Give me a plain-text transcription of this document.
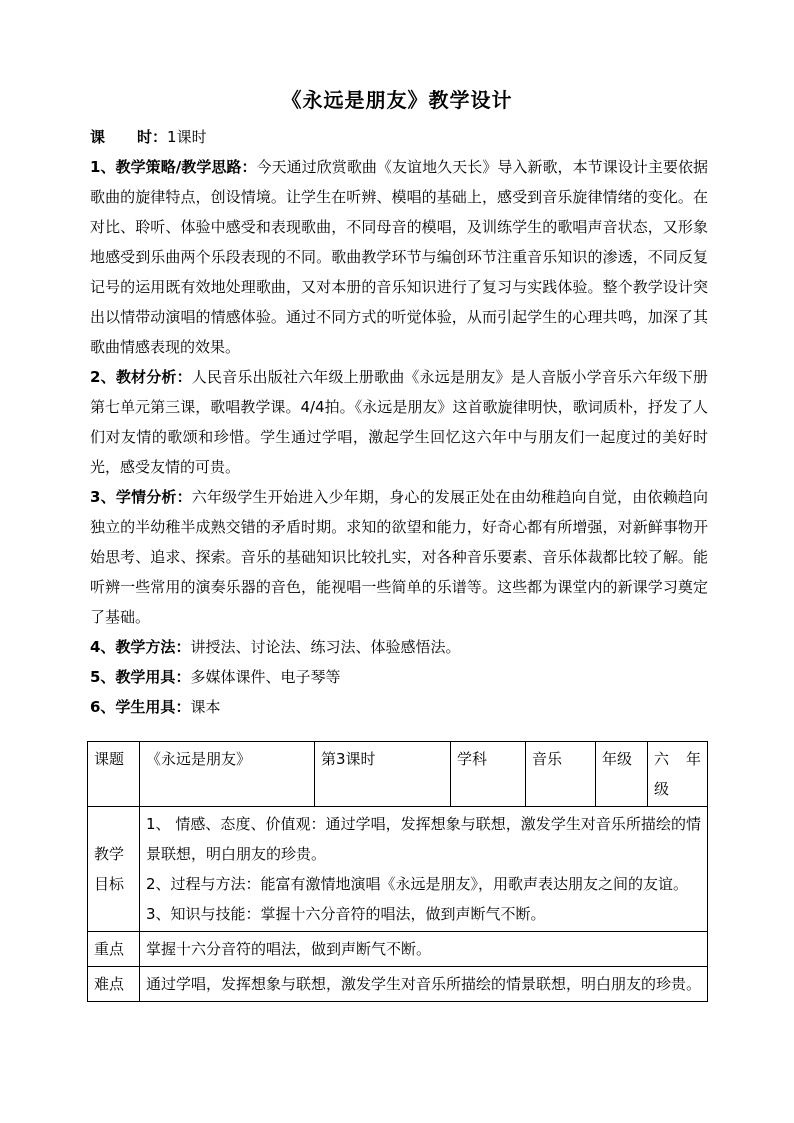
《永远是朋友》教学设计

课 时：1课时

1、教学策略/教学思路：今天通过欣赏歌曲《友谊地久天长》导入新歌，本节课设计主要依据歌曲的旋律特点，创设情境。让学生在听辨、模唱的基础上，感受到音乐旋律情绪的变化。在对比、聆听、体验中感受和表现歌曲，不同母音的模唱，及训练学生的歌唱声音状态，又形象地感受到乐曲两个乐段表现的不同。歌曲教学环节与编创环节注重音乐知识的渗透，不同反复记号的运用既有效地处理歌曲，又对本册的音乐知识进行了复习与实践体验。整个教学设计突出以情带动演唱的情感体验。通过不同方式的听觉体验，从而引起学生的心理共鸣，加深了其歌曲情感表现的效果。

2、教材分析：人民音乐出版社六年级上册歌曲《永远是朋友》是人音版小学音乐六年级下册第七单元第三课，歌唱教学课。4/4拍。《永远是朋友》这首歌旋律明快，歌词质朴，抒发了人们对友情的歌颂和珍惜。学生通过学唱，激起学生回忆这六年中与朋友们一起度过的美好时光，感受友情的可贵。

3、学情分析：六年级学生开始进入少年期，身心的发展正处在由幼稚趋向自觉，由依赖趋向独立的半幼稚半成熟交错的矛盾时期。求知的欲望和能力，好奇心都有所增强，对新鲜事物开始思考、追求、探索。音乐的基础知识比较扎实，对各种音乐要素、音乐体裁都比较了解。能听辨一些常用的演奏乐器的音色，能视唱一些简单的乐谱等。这些都为课堂内的新课学习奠定了基础。

4、教学方法：讲授法、讨论法、练习法、体验感悟法。

5、教学用具：多媒体课件、电子琴等

6、学生用具：课本

课题	《永远是朋友》	第3课时	学科	音乐	年级	六 年级
教学目标	1、 情感、态度、价值观：通过学唱，发挥想象与联想，激发学生对音乐所描绘的情景联想，明白朋友的珍贵。

2、过程与方法：能富有激情地演唱《永远是朋友》，用歌声表达朋友之间的友谊。

3、知识与技能：掌握十六分音符的唱法，做到声断气不断。					

重点	掌握十六分音符的唱法，做到声断气不断。					
难点	通过学唱，发挥想象与联想，激发学生对音乐所描绘的情景联想，明白朋友的珍贵。					
